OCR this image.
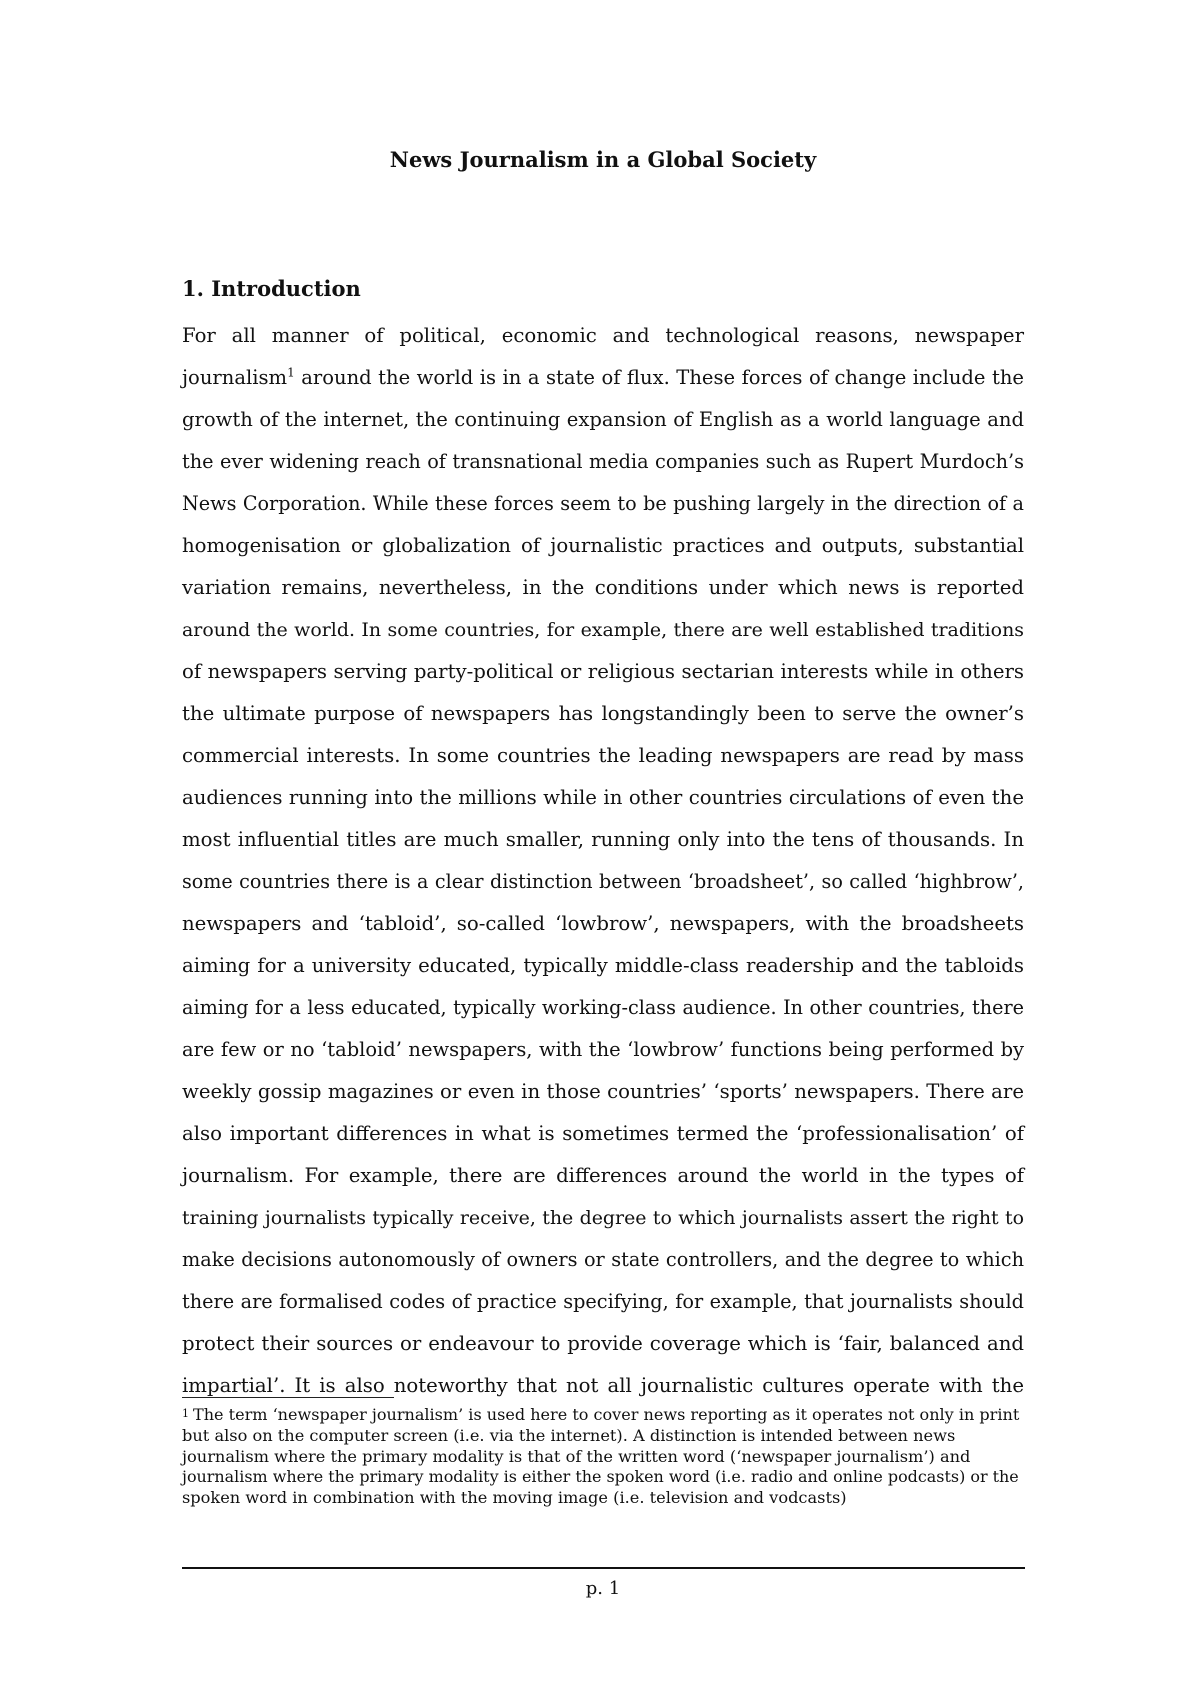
News Journalism in a Global Society
1. Introduction
For all manner of political, economic and technological reasons, newspaper
journalism$^1$ around the world is in a state of flux. These forces of change include the
growth of the internet, the continuing expansion of English as a world language and
the ever widening reach of transnational media companies such as Rupert Murdoch’s
News Corporation. While these forces seem to be pushing largely in the direction of a
homogenisation or globalization of journalistic practices and outputs, substantial
variation remains, nevertheless, in the conditions under which news is reported
around the world. In some countries, for example, there are well established traditions
of newspapers serving party-political or religious sectarian interests while in others
the ultimate purpose of newspapers has longstandingly been to serve the owner’s
commercial interests. In some countries the leading newspapers are read by mass
audiences running into the millions while in other countries circulations of even the
most influential titles are much smaller, running only into the tens of thousands. In
some countries there is a clear distinction between ‘broadsheet’, so called ‘highbrow’,
newspapers and ‘tabloid’, so-called ‘lowbrow’, newspapers, with the broadsheets
aiming for a university educated, typically middle-class readership and the tabloids
aiming for a less educated, typically working-class audience. In other countries, there
are few or no ‘tabloid’ newspapers, with the ‘lowbrow’ functions being performed by
weekly gossip magazines or even in those countries’ ‘sports’ newspapers. There are
also important differences in what is sometimes termed the ‘professionalisation’ of
journalism. For example, there are differences around the world in the types of
training journalists typically receive, the degree to which journalists assert the right to
make decisions autonomously of owners or state controllers, and the degree to which
there are formalised codes of practice specifying, for example, that journalists should
protect their sources or endeavour to provide coverage which is ‘fair, balanced and
impartial’. It is also noteworthy that not all journalistic cultures operate with the
1 The term ‘newspaper journalism’ is used here to cover news reporting as it operates not only in print
but also on the computer screen (i.e. via the internet). A distinction is intended between news
journalism where the primary modality is that of the written word (‘newspaper journalism’) and
journalism where the primary modality is either the spoken word (i.e. radio and online podcasts) or the
spoken word in combination with the moving image (i.e. television and vodcasts)
p. 1
